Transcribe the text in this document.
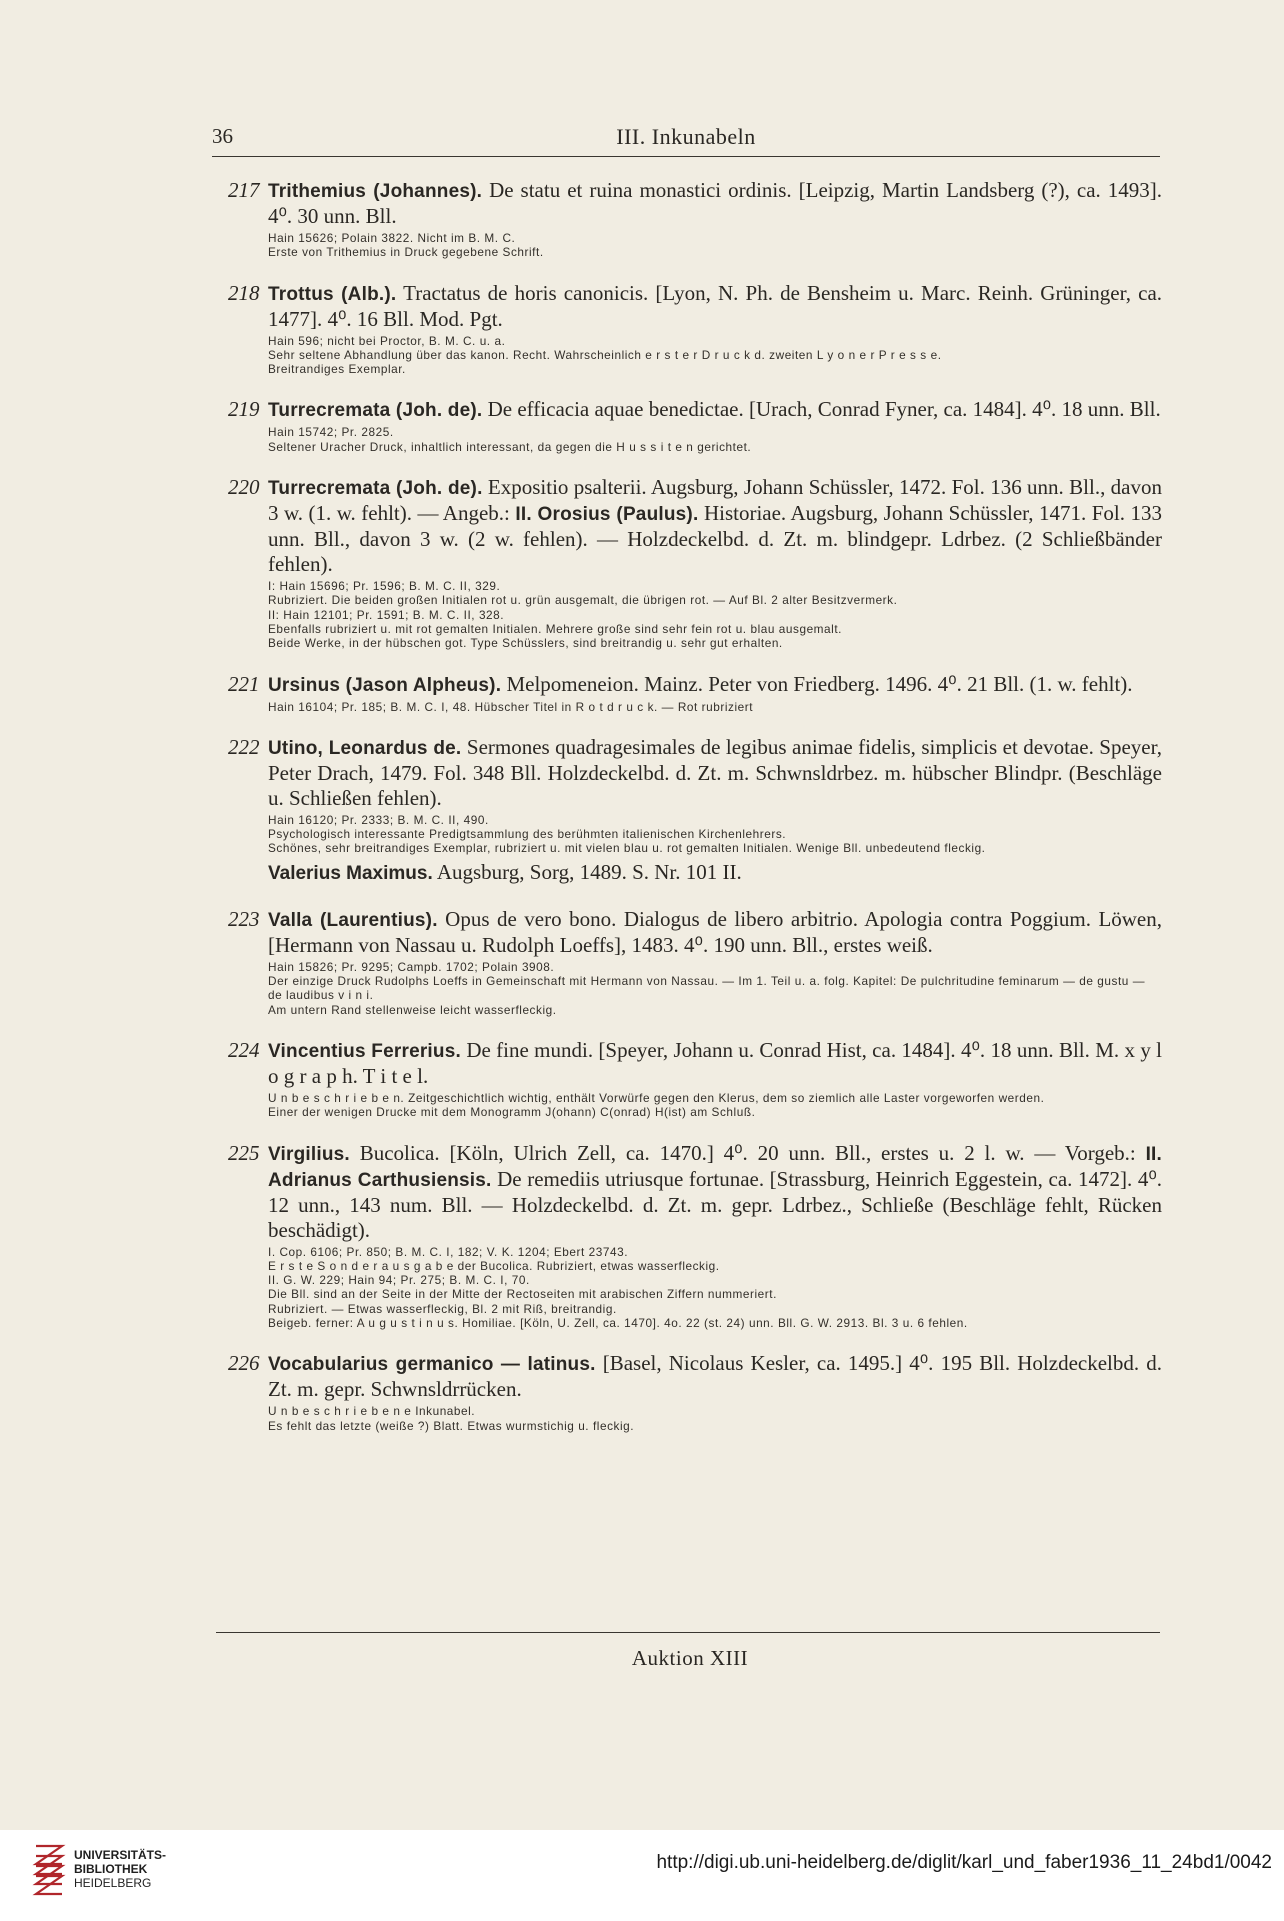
36	III. Inkunabeln
217 Trithemius (Johannes). De statu et ruina monastici ordinis. [Leipzig, Martin Landsberg (?), ca. 1493]. 4⁰. 30 unn. Bll.
Hain 15626; Polain 3822. Nicht im B. M. C.
Erste von Trithemius in Druck gegebene Schrift.
218 Trottus (Alb.). Tractatus de horis canonicis. [Lyon, N. Ph. de Bensheim u. Marc. Reinh. Grüninger, ca. 1477]. 4⁰. 16 Bll. Mod. Pgt.
Hain 596; nicht bei Proctor, B. M. C. u. a.
Sehr seltene Abhandlung über das kanon. Recht. Wahrscheinlich e r s t e r D r u c k d. zweiten L y o n e r P r e s s e.
Breitrandiges Exemplar.
219 Turrecremata (Joh. de). De efficacia aquae benedictae. [Urach, Conrad Fyner, ca. 1484]. 4⁰. 18 unn. Bll.
Hain 15742; Pr. 2825.
Seltener Uracher Druck, inhaltlich interessant, da gegen die H u s s i t e n gerichtet.
220 Turrecremata (Joh. de). Expositio psalterii. Augsburg, Johann Schüssler, 1472. Fol. 136 unn. Bll., davon 3 w. (1. w. fehlt). — Angeb.: II. Orosius (Paulus). Historiae. Augsburg, Johann Schüssler, 1471. Fol. 133 unn. Bll., davon 3 w. (2 w. fehlen). — Holzdeckelbd. d. Zt. m. blindgepr. Ldrbez. (2 Schließbänder fehlen).
I: Hain 15696; Pr. 1596; B. M. C. II, 329.
Rubriziert. Die beiden großen Initialen rot u. grün ausgemalt, die übrigen rot. — Auf Bl. 2 alter Besitzvermerk.
II: Hain 12101; Pr. 1591; B. M. C. II, 328.
Ebenfalls rubriziert u. mit rot gemalten Initialen. Mehrere große sind sehr fein rot u. blau ausgemalt.
Beide Werke, in der hübschen got. Type Schüsslers, sind breitrandig u. sehr gut erhalten.
221 Ursinus (Jason Alpheus). Melpomeneion. Mainz. Peter von Friedberg. 1496. 4⁰. 21 Bll. (1. w. fehlt).
Hain 16104; Pr. 185; B. M. C. I, 48. Hübscher Titel in R o t d r u c k. — Rot rubriziert
222 Utino, Leonardus de. Sermones quadragesimales de legibus animae fidelis, simplicis et devotae. Speyer, Peter Drach, 1479. Fol. 348 Bll. Holzdeckelbd. d. Zt. m. Schwnsldrbez. m. hübscher Blindpr. (Beschläge u. Schließen fehlen).
Hain 16120; Pr. 2333; B. M. C. II, 490.
Psychologisch interessante Predigtsammlung des berühmten italienischen Kirchenlehrers.
Schönes, sehr breitrandiges Exemplar, rubriziert u. mit vielen blau u. rot gemalten Initialen. Wenige Bll. unbedeutend fleckig.
Valerius Maximus. Augsburg, Sorg, 1489. S. Nr. 101 II.
223 Valla (Laurentius). Opus de vero bono. Dialogus de libero arbitrio. Apologia contra Poggium. Löwen, [Hermann von Nassau u. Rudolph Loeffs], 1483. 4⁰. 190 unn. Bll., erstes weiß.
Hain 15826; Pr. 9295; Campb. 1702; Polain 3908.
Der einzige Druck Rudolphs Loeffs in Gemeinschaft mit Hermann von Nassau. — Im 1. Teil u. a. folg. Kapitel: De pulchritudine feminarum — de gustu — de laudibus v i n i.
Am untern Rand stellenweise leicht wasserfleckig.
224 Vincentius Ferrerius. De fine mundi. [Speyer, Johann u. Conrad Hist, ca. 1484]. 4⁰. 18 unn. Bll. M. x y l o g r a p h. T i t e l.
U n b e s c h r i e b e n. Zeitgeschichtlich wichtig, enthält Vorwürfe gegen den Klerus, dem so ziemlich alle Laster vorgeworfen werden.
Einer der wenigen Drucke mit dem Monogramm J(ohann) C(onrad) H(ist) am Schluß.
225 Virgilius. Bucolica. [Köln, Ulrich Zell, ca. 1470.] 4⁰. 20 unn. Bll., erstes u. 2 l. w. — Vorgeb.: II. Adrianus Carthusiensis. De remediis utriusque fortunae. [Strassburg, Heinrich Eggestein, ca. 1472]. 4⁰. 12 unn., 143 num. Bll. — Holzdeckelbd. d. Zt. m. gepr. Ldrbez., Schließe (Beschläge fehlt, Rücken beschädigt).
I. Cop. 6106; Pr. 850; B. M. C. I, 182; V. K. 1204; Ebert 23743.
E r s t e S o n d e r a u s g a b e der Bucolica. Rubriziert, etwas wasserfleckig.
II. G. W. 229; Hain 94; Pr. 275; B. M. C. I, 70.
Die Bll. sind an der Seite in der Mitte der Rectoseiten mit arabischen Ziffern nummeriert.
Rubriziert. — Etwas wasserfleckig, Bl. 2 mit Riß, breitrandig.
Beigeb. ferner: A u g u s t i n u s. Homiliae. [Köln, U. Zell, ca. 1470]. 4o. 22 (st. 24) unn. Bll. G. W. 2913. Bl. 3 u. 6 fehlen.
226 Vocabularius germanico — latinus. [Basel, Nicolaus Kesler, ca. 1495.] 4⁰. 195 Bll. Holzdeckelbd. d. Zt. m. gepr. Schwnsldrrücken.
U n b e s c h r i e b e n e Inkunabel.
Es fehlt das letzte (weiße ?) Blatt. Etwas wurmstichig u. fleckig.
Auktion XIII
UNIVERSITÄTS-
BIBLIOTHEK
HEIDELBERG
http://digi.ub.uni-heidelberg.de/diglit/karl_und_faber1936_11_24bd1/0042
